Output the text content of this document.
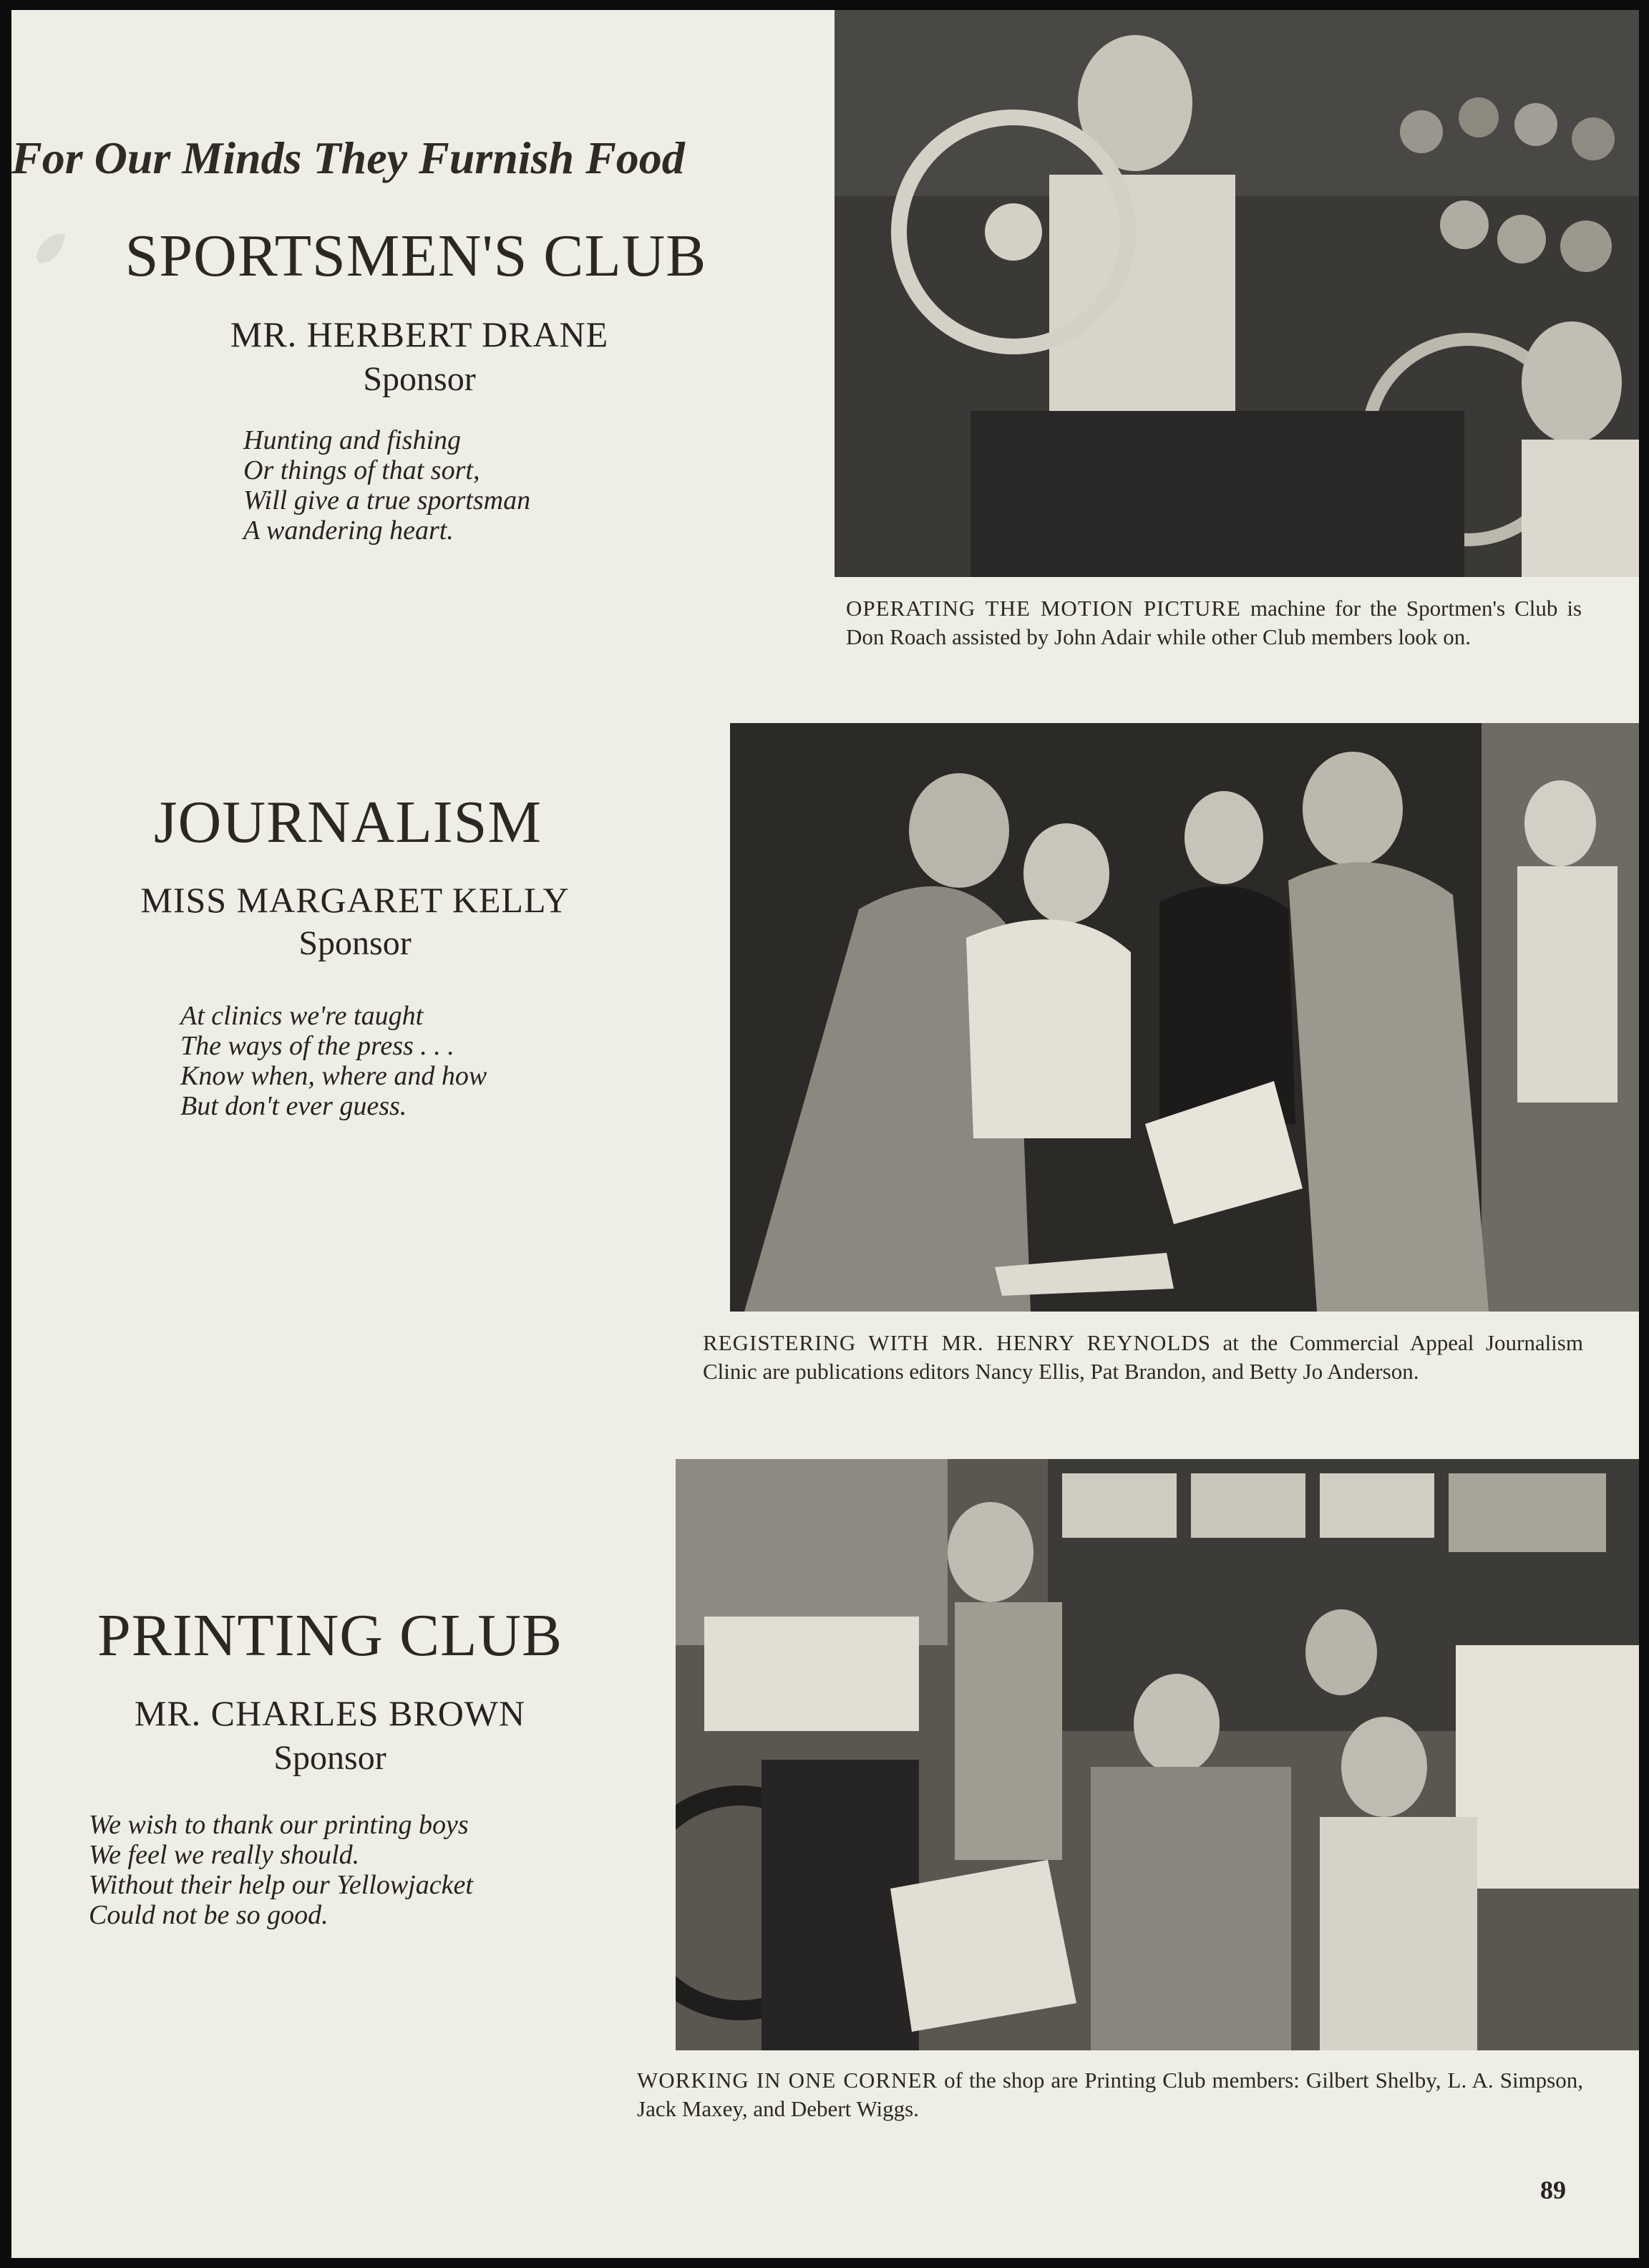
For Our Minds They Furnish Food
SPORTSMEN'S CLUB
MR. HERBERT DRANE
Sponsor
Hunting and fishing
Or things of that sort,
Will give a true sportsman
A wandering heart.
OPERATING THE MOTION PICTURE machine for the Sportmen's Club is Don Roach assisted by John Adair while other Club members look on.
JOURNALISM
MISS MARGARET KELLY
Sponsor
At clinics we're taught
The ways of the press . . .
Know when, where and how
But don't ever guess.
REGISTERING WITH MR. HENRY REYNOLDS at the Commercial Appeal Journalism Clinic are publications editors Nancy Ellis, Pat Brandon, and Betty Jo Anderson.
PRINTING CLUB
MR. CHARLES BROWN
Sponsor
We wish to thank our printing boys
We feel we really should.
Without their help our Yellowjacket
Could not be so good.
WORKING IN ONE CORNER of the shop are Printing Club members: Gilbert Shelby, L. A. Simpson, Jack Maxey, and Debert Wiggs.
89
